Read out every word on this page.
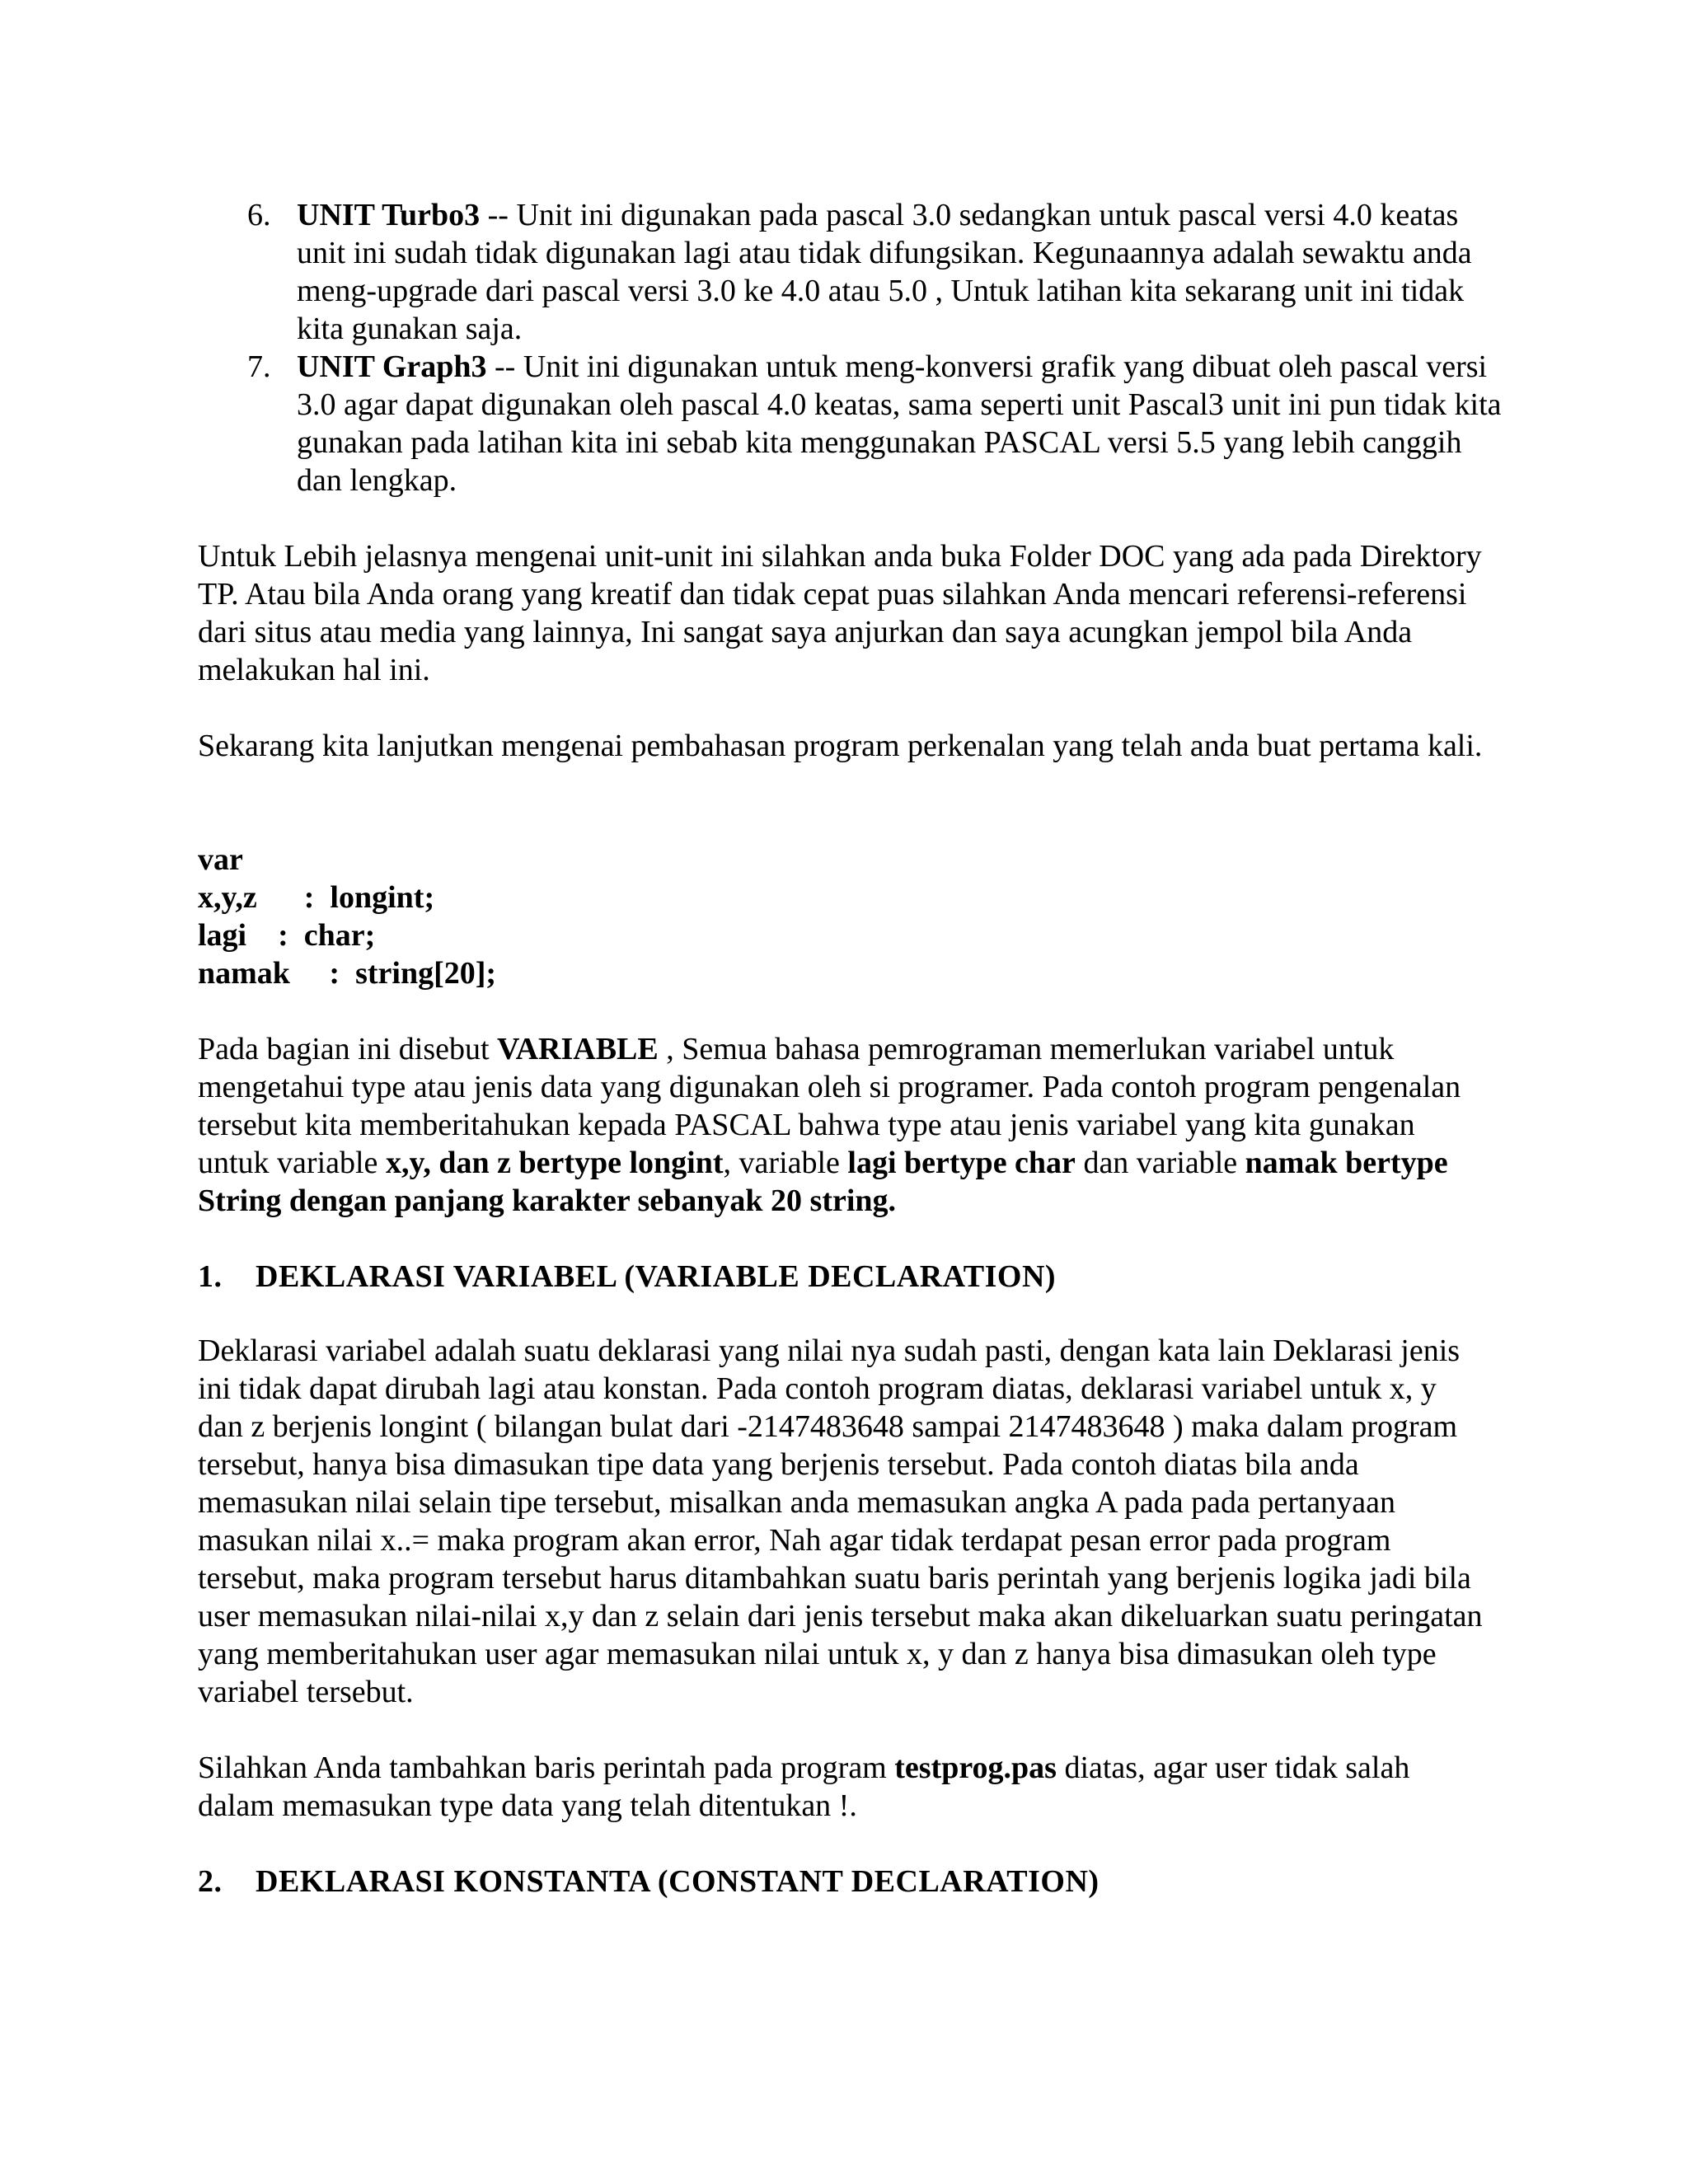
6. UNIT Turbo3 -- Unit ini digunakan pada pascal 3.0 sedangkan untuk pascal versi 4.0 keatas unit ini sudah tidak digunakan lagi atau tidak difungsikan. Kegunaannya adalah sewaktu anda meng-upgrade dari pascal versi 3.0 ke 4.0 atau 5.0 , Untuk latihan kita sekarang unit ini tidak kita gunakan saja.

7. UNIT Graph3 -- Unit ini digunakan untuk meng-konversi grafik yang dibuat oleh pascal versi 3.0 agar dapat digunakan oleh pascal 4.0 keatas, sama seperti unit Pascal3 unit ini pun tidak kita gunakan pada latihan kita ini sebab kita menggunakan PASCAL versi 5.5 yang lebih canggih dan lengkap.

Untuk Lebih jelasnya mengenai unit-unit ini silahkan anda buka Folder DOC yang ada pada Direktory TP. Atau bila Anda orang yang kreatif dan tidak cepat puas silahkan Anda mencari referensi-referensi dari situs atau media yang lainnya, Ini sangat saya anjurkan dan saya acungkan jempol bila Anda melakukan hal ini.

Sekarang kita lanjutkan mengenai pembahasan program perkenalan yang telah anda buat pertama kali.

var

x,y,z      :  longint;

lagi    :  char;

namak     :  string[20];

Pada bagian ini disebut VARIABLE , Semua bahasa pemrograman memerlukan variabel untuk mengetahui type atau jenis data yang digunakan oleh si programer. Pada contoh program pengenalan tersebut kita memberitahukan kepada PASCAL bahwa type atau jenis variabel yang kita gunakan untuk variable x,y, dan z bertype longint, variable lagi bertype char dan variable namak bertype String dengan panjang karakter sebanyak 20 string.

1. DEKLARASI VARIABEL (VARIABLE DECLARATION)

Deklarasi variabel adalah suatu deklarasi yang nilai nya sudah pasti, dengan kata lain Deklarasi jenis ini tidak dapat dirubah lagi atau konstan. Pada contoh program diatas, deklarasi variabel untuk x, y dan z berjenis longint ( bilangan bulat dari -2147483648 sampai 2147483648 ) maka dalam program tersebut, hanya bisa dimasukan tipe data yang berjenis tersebut. Pada contoh diatas bila anda memasukan nilai selain tipe tersebut, misalkan anda memasukan angka A pada pada pertanyaan masukan nilai x..= maka program akan error, Nah agar tidak terdapat pesan error pada program tersebut, maka program tersebut harus ditambahkan suatu baris perintah yang berjenis logika jadi bila user memasukan nilai-nilai x,y dan z selain dari jenis tersebut maka akan dikeluarkan suatu peringatan yang memberitahukan user agar memasukan nilai untuk x, y dan z hanya bisa dimasukan oleh type variabel tersebut.

Silahkan Anda tambahkan baris perintah pada program testprog.pas diatas, agar user tidak salah dalam memasukan type data yang telah ditentukan !.

2. DEKLARASI KONSTANTA (CONSTANT DECLARATION)
